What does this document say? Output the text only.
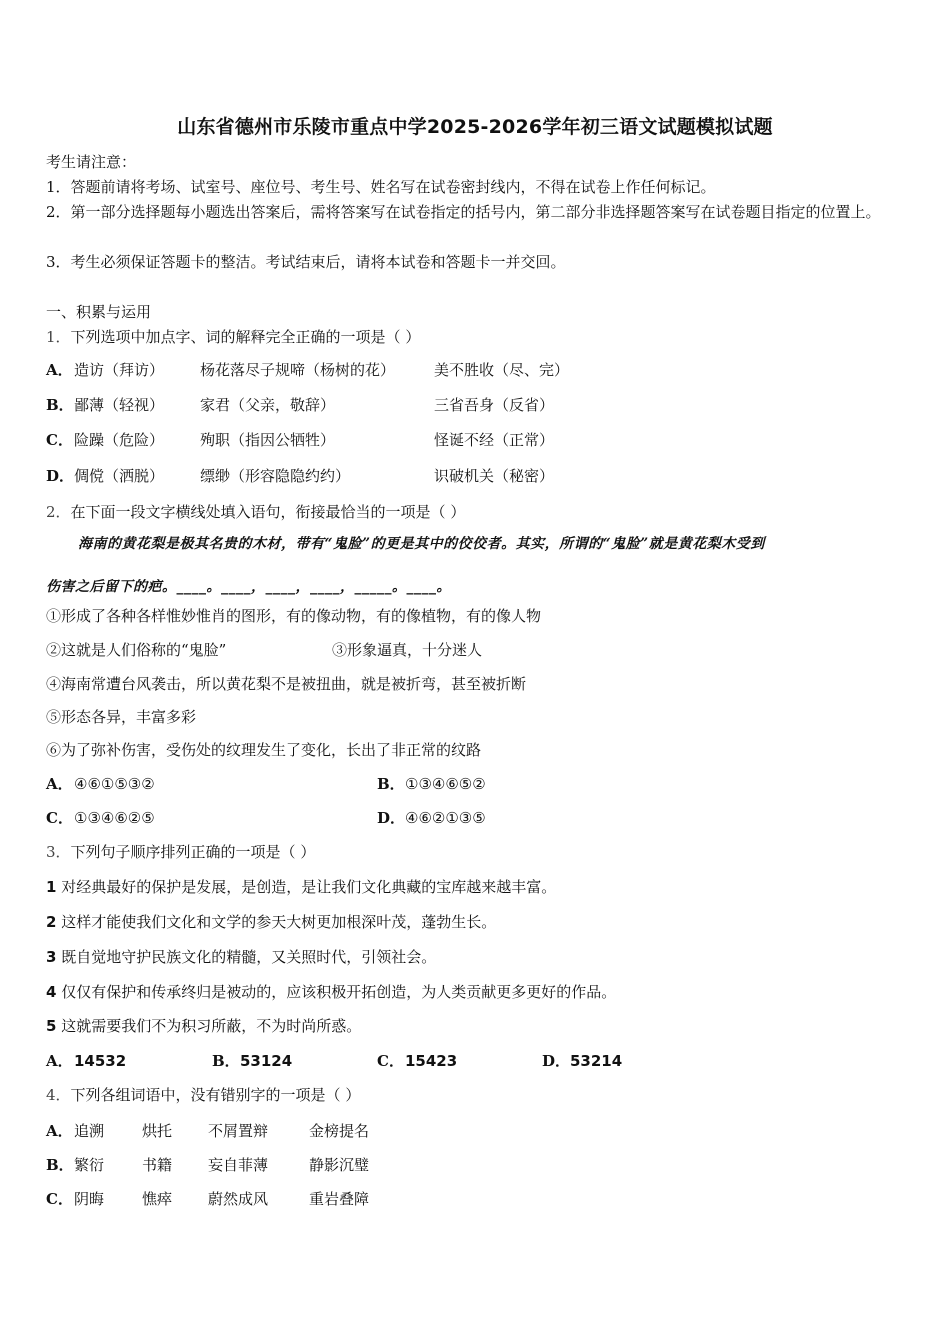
山东省德州市乐陵市重点中学2025-2026学年初三语文试题模拟试题
考生请注意：
1．答题前请将考场、试室号、座位号、考生号、姓名写在试卷密封线内，不得在试卷上作任何标记。
2．第一部分选择题每小题选出答案后，需将答案写在试卷指定的括号内，第二部分非选择题答案写在试卷题目指定的位置上。
3．考生必须保证答题卡的整洁。考试结束后，请将本试卷和答题卡一并交回。
一、积累与运用
1．下列选项中加点字、词的解释完全正确的一项是（ ）
A． 造访（拜访） 杨花落尽子规啼（杨树的花）	美不胜收（尽、完）
B． 鄙薄（轻视） 家君（父亲，敬辞）	三省吾身（反省）
C． 险躁（危险） 殉职（指因公牺牲）	怪诞不经（正常）
D． 倜傥（洒脱） 缥缈（形容隐隐约约）	识破机关（秘密）
2．在下面一段文字横线处填入语句，衔接最恰当的一项是（ ）
海南的黄花梨是极其名贵的木材，带有“鬼脸”的更是其中的佼佼者。其实，所谓的“鬼脸”就是黄花梨木受到
伤害之后留下的疤。____。____，____，____，_____。____。
①形成了各种各样惟妙惟肖的图形，有的像动物，有的像植物，有的像人物
②这就是人们俗称的“鬼脸”	③形象逼真，十分迷人
④海南常遭台风袭击，所以黄花梨不是被扭曲，就是被折弯，甚至被折断
⑤形态各异，丰富多彩
⑥为了弥补伤害，受伤处的纹理发生了变化，长出了非正常的纹路
A． ④⑥①⑤③②	B． ①③④⑥⑤②
C． ①③④⑥②⑤	D． ④⑥②①③⑤
3．下列句子顺序排列正确的一项是（ ）
1 对经典最好的保护是发展，是创造，是让我们文化典藏的宝库越来越丰富。
2 这样才能使我们文化和文学的参天大树更加根深叶茂，蓬勃生长。
3 既自觉地守护民族文化的精髓，又关照时代，引领社会。
4 仅仅有保护和传承终归是被动的，应该积极开拓创造，为人类贡献更多更好的作品。
5 这就需要我们不为积习所蔽，不为时尚所惑。
A． 14532	B． 53124	C． 15423	D． 53214
4．下列各组词语中，没有错别字的一项是（ ）
A． 追溯	烘托 不屑置辩	金榜提名
B． 繁衍	书籍 妄自菲薄	静影沉璧
C． 阴晦	憔瘁 蔚然成风	重岩叠障
